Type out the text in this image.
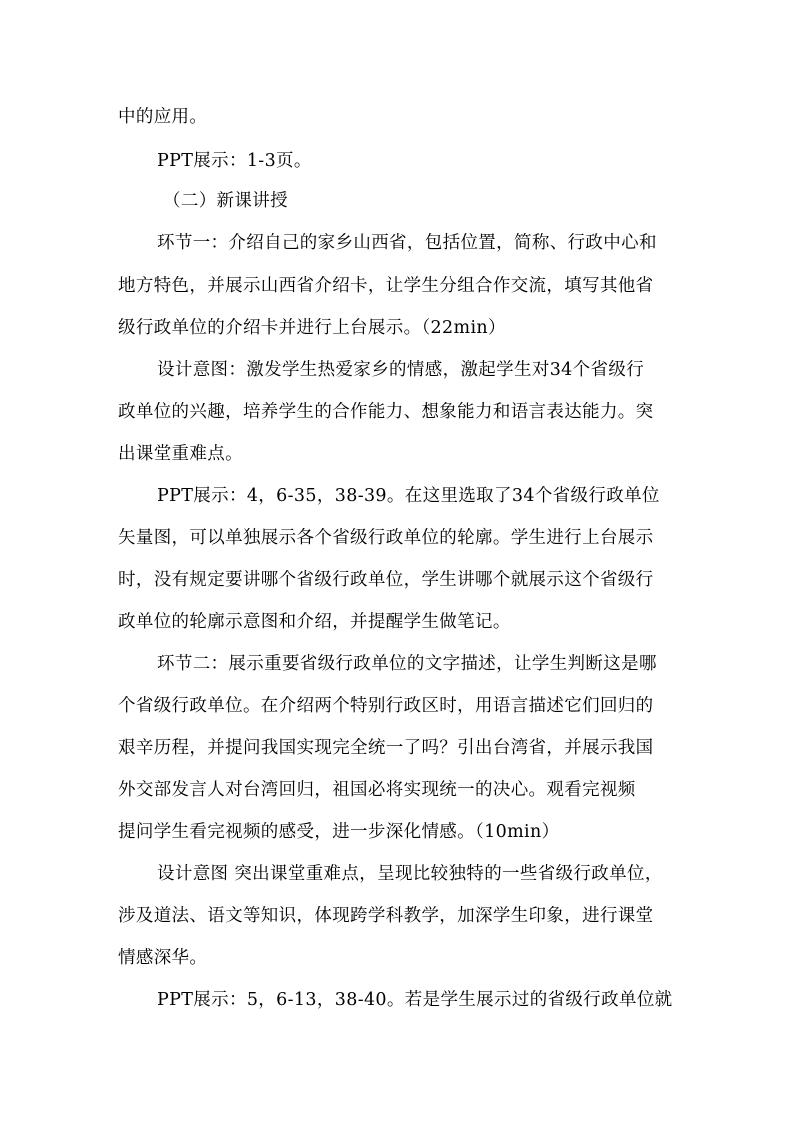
中的应用。
PPT展示：1-3页。
（二）新课讲授
环节一：介绍自己的家乡山西省，包括位置，简称、行政中心和
地方特色，并展示山西省介绍卡，让学生分组合作交流，填写其他省
级行政单位的介绍卡并进行上台展示。（22min）
设计意图：激发学生热爱家乡的情感，激起学生对34个省级行
政单位的兴趣，培养学生的合作能力、想象能力和语言表达能力。突
出课堂重难点。
PPT展示：4，6-35，38-39。在这里选取了34个省级行政单位
矢量图，可以单独展示各个省级行政单位的轮廓。学生进行上台展示
时，没有规定要讲哪个省级行政单位，学生讲哪个就展示这个省级行
政单位的轮廓示意图和介绍，并提醒学生做笔记。
环节二：展示重要省级行政单位的文字描述，让学生判断这是哪
个省级行政单位。在介绍两个特别行政区时，用语言描述它们回归的
艰辛历程，并提问我国实现完全统一了吗？引出台湾省，并展示我国
外交部发言人对台湾回归，祖国必将实现统一的决心。观看完视频
提问学生看完视频的感受，进一步深化情感。（10min）
设计意图 突出课堂重难点，呈现比较独特的一些省级行政单位，
涉及道法、语文等知识，体现跨学科教学，加深学生印象，进行课堂
情感深华。
PPT展示：5，6-13，38-40。若是学生展示过的省级行政单位就
